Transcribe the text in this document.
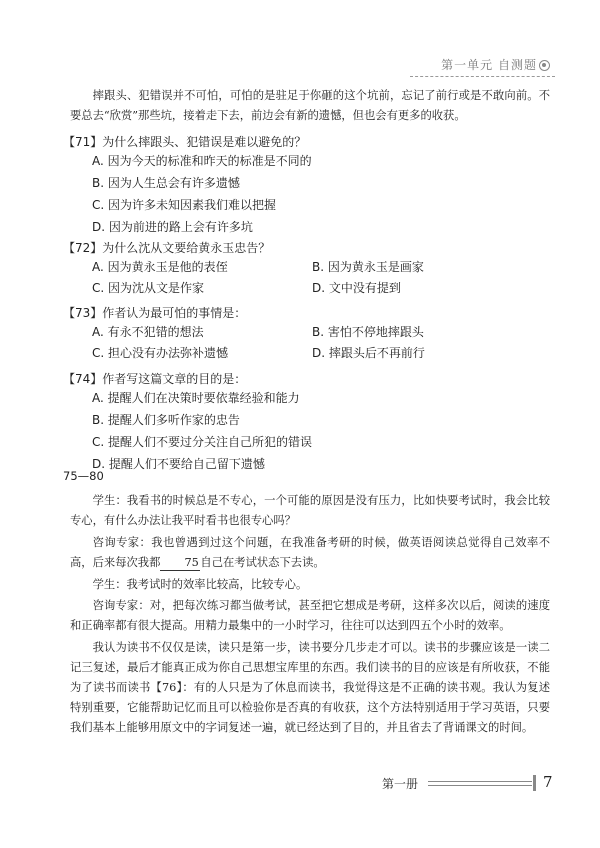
第一单元 自测题
摔跟头、犯错误并不可怕，可怕的是驻足于你砸的这个坑前，忘记了前行或是不敢向前。不要总去“欣赏”那些坑，接着走下去，前边会有新的遗憾，但也会有更多的收获。
【71】为什么摔跟头、犯错误是难以避免的？
A. 因为今天的标准和昨天的标准是不同的
B. 因为人生总会有许多遗憾
C. 因为许多未知因素我们难以把握
D. 因为前进的路上会有许多坑
【72】为什么沈从文要给黄永玉忠告？
A. 因为黄永玉是他的表侄	B. 因为黄永玉是画家
C. 因为沈从文是作家	D. 文中没有提到
【73】作者认为最可怕的事情是：
A. 有永不犯错的想法	B. 害怕不停地摔跟头
C. 担心没有办法弥补遗憾	D. 摔跟头后不再前行
【74】作者写这篇文章的目的是：
A. 提醒人们在决策时要依靠经验和能力
B. 提醒人们多听作家的忠告
C. 提醒人们不要过分关注自己所犯的错误
D. 提醒人们不要给自己留下遗憾
75—80
学生：我看书的时候总是不专心，一个可能的原因是没有压力，比如快要考试时，我会比较专心，有什么办法让我平时看书也很专心吗？
咨询专家：我也曾遇到过这个问题，在我准备考研的时候，做英语阅读总觉得自己效率不高，后来每次我都 75 自己在考试状态下去读。
学生：我考试时的效率比较高，比较专心。
咨询专家：对，把每次练习都当做考试，甚至把它想成是考研，这样多次以后，阅读的速度和正确率都有很大提高。用精力最集中的一小时学习，往往可以达到四五个小时的效率。
我认为读书不仅仅是读，读只是第一步，读书要分几步走才可以。读书的步骤应该是一读二记三复述，最后才能真正成为你自己思想宝库里的东西。我们读书的目的应该是有所收获，不能为了读书而读书【76】：有的人只是为了休息而读书，我觉得这是不正确的读书观。我认为复述特别重要，它能帮助记忆而且可以检验你是否真的有收获，这个方法特别适用于学习英语，只要我们基本上能够用原文中的字词复述一遍，就已经达到了目的，并且省去了背诵课文的时间。
第一册	7
